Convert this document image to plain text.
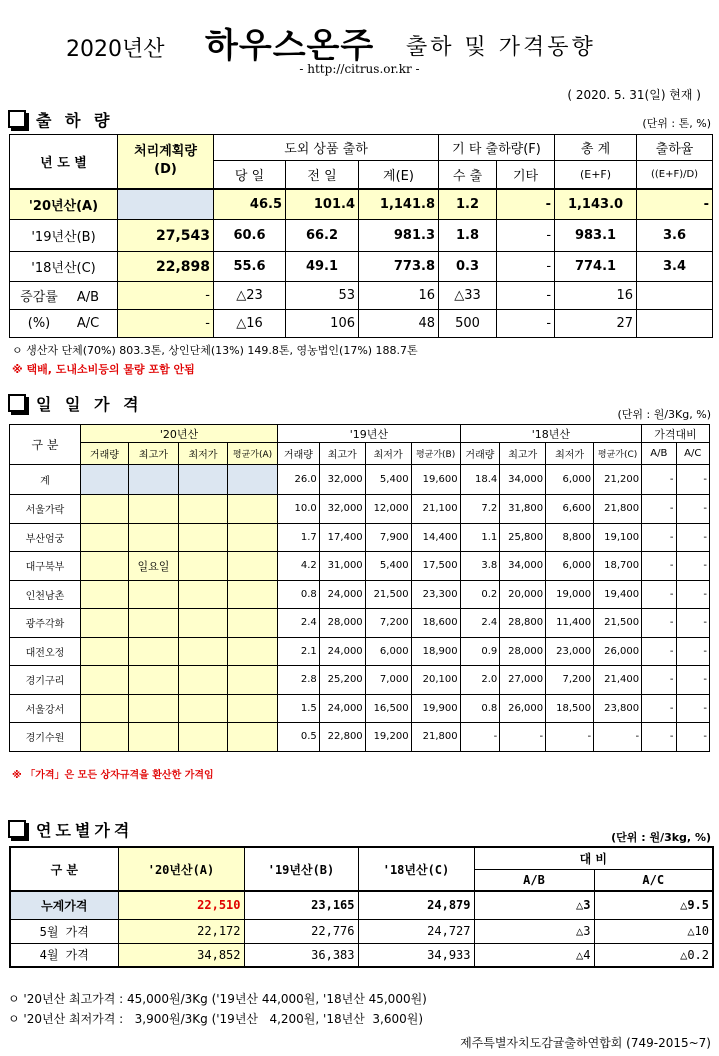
2020년산 하우스온주 출하 및 가격동향
- http://citrus.or.kr -
( 2020. 5. 31(일) 현재 )
출 하 량	(단위 : 톤, %)
년 도 별	처리계획량
(D)	도외 상품 출하			기 타 출하량(F)		총 계	출하율
		당 일	전 일	계(E)	수 출	기타	(E+F)	((E+F)/D)
'20년산(A)		46.5	101.4	1,141.8	1.2	-	1,143.0	-
'19년산(B)	27,543	60.6	66.2	981.3	1.8	-	983.1	3.6
'18년산(C)	22,898	55.6	49.1	773.8	0.3	-	774.1	3.4
증감률 A/B	-	△23	53	16	△33	-	16	
(%) A/C	-	△16	106	48	500	-	27	
ㅇ 생산자 단체(70%) 803.3톤, 상인단체(13%) 149.8톤, 영농법인(17%) 188.7톤
※ 택배, 도내소비등의 물량 포함 안됨
일 일 가 격
(단위 : 원/3Kg, %)
구 분	'20년산				'19년산				'18년산				가격대비	
	거래량	최고가	최저가	평균가(A)	거래량	최고가	최저가	평균가(B)	거래량	최고가	최저가	평균가(C)	A/B	A/C
계					26.0	32,000	5,400	19,600	18.4	34,000	6,000	21,200	-	-
서울가락					10.0	32,000	12,000	21,100	7.2	31,800	6,600	21,800	-	-
부산엄궁					1.7	17,400	7,900	14,400	1.1	25,800	8,800	19,100	-	-
대구북부		일요일			4.2	31,000	5,400	17,500	3.8	34,000	6,000	18,700	-	-
인천남촌					0.8	24,000	21,500	23,300	0.2	20,000	19,000	19,400	-	-
광주각화					2.4	28,000	7,200	18,600	2.4	28,800	11,400	21,500	-	-
대전오정					2.1	24,000	6,000	18,900	0.9	28,000	23,000	26,000	-	-
경기구리					2.8	25,200	7,000	20,100	2.0	27,000	7,200	21,400	-	-
서울강서					1.5	24,000	16,500	19,900	0.8	26,000	18,500	23,800	-	-
경기수원					0.5	22,800	19,200	21,800	-	-	-	-	-	-
※ 「가격」은 모든 상자규격을 환산한 가격임
연도별가격	(단위 : 원/3kg, %)
구 분	'20년산(A)	'19년산(B)	'18년산(C)	대 비	
				A/B	A/C
누계가격	22,510	23,165	24,879	△3	△9.5
5월 가격	22,172	22,776	24,727	△3	△10
4월 가격	34,852	36,383	34,933	△4	△0.2
ㅇ '20년산 최고가격 : 45,000원/3Kg ('19년산 44,000원, '18년산 45,000원)
ㅇ '20년산 최저가격 :   3,900원/3Kg ('19년산   4,200원, '18년산  3,600원)
제주특별자치도감귤출하연합회 (749-2015~7)
